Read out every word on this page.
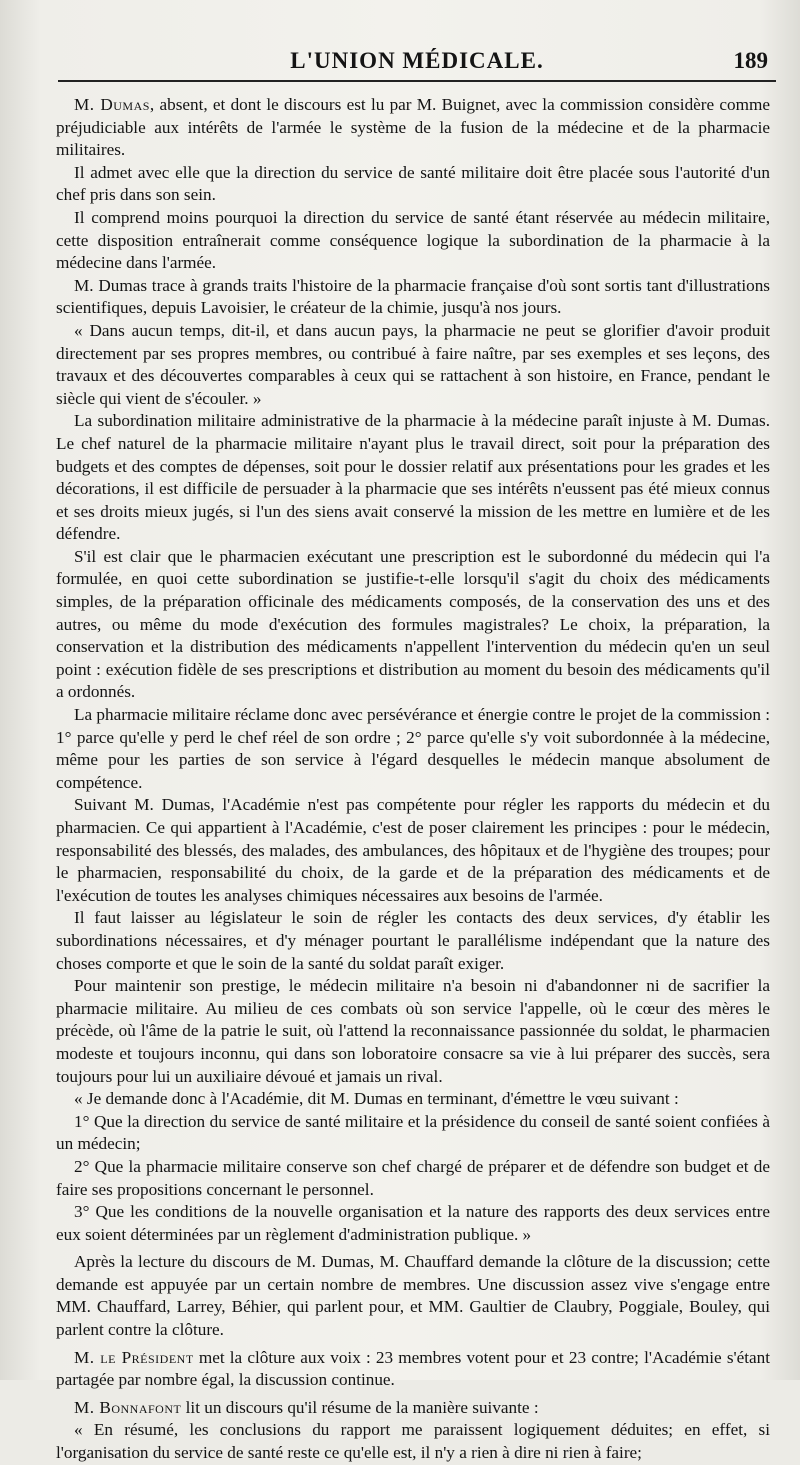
L'UNION MÉDICALE.	189

M. Dumas, absent, et dont le discours est lu par M. Buignet, avec la commission considère comme préjudiciable aux intérêts de l'armée le système de la fusion de la médecine et de la pharmacie militaires.

Il admet avec elle que la direction du service de santé militaire doit être placée sous l'autorité d'un chef pris dans son sein.

Il comprend moins pourquoi la direction du service de santé étant réservée au médecin militaire, cette disposition entraînerait comme conséquence logique la subordination de la pharmacie à la médecine dans l'armée.

M. Dumas trace à grands traits l'histoire de la pharmacie française d'où sont sortis tant d'illustrations scientifiques, depuis Lavoisier, le créateur de la chimie, jusqu'à nos jours.

« Dans aucun temps, dit-il, et dans aucun pays, la pharmacie ne peut se glorifier d'avoir produit directement par ses propres membres, ou contribué à faire naître, par ses exemples et ses leçons, des travaux et des découvertes comparables à ceux qui se rattachent à son histoire, en France, pendant le siècle qui vient de s'écouler. »

La subordination militaire administrative de la pharmacie à la médecine paraît injuste à M. Dumas. Le chef naturel de la pharmacie militaire n'ayant plus le travail direct, soit pour la préparation des budgets et des comptes de dépenses, soit pour le dossier relatif aux présentations pour les grades et les décorations, il est difficile de persuader à la pharmacie que ses intérêts n'eussent pas été mieux connus et ses droits mieux jugés, si l'un des siens avait conservé la mission de les mettre en lumière et de les défendre.

S'il est clair que le pharmacien exécutant une prescription est le subordonné du médecin qui l'a formulée, en quoi cette subordination se justifie-t-elle lorsqu'il s'agit du choix des médicaments simples, de la préparation officinale des médicaments composés, de la conservation des uns et des autres, ou même du mode d'exécution des formules magistrales? Le choix, la préparation, la conservation et la distribution des médicaments n'appellent l'intervention du médecin qu'en un seul point : exécution fidèle de ses prescriptions et distribution au moment du besoin des médicaments qu'il a ordonnés.

La pharmacie militaire réclame donc avec persévérance et énergie contre le projet de la commission : 1° parce qu'elle y perd le chef réel de son ordre ; 2° parce qu'elle s'y voit subordonnée à la médecine, même pour les parties de son service à l'égard desquelles le médecin manque absolument de compétence.

Suivant M. Dumas, l'Académie n'est pas compétente pour régler les rapports du médecin et du pharmacien. Ce qui appartient à l'Académie, c'est de poser clairement les principes : pour le médecin, responsabilité des blessés, des malades, des ambulances, des hôpitaux et de l'hygiène des troupes; pour le pharmacien, responsabilité du choix, de la garde et de la préparation des médicaments et de l'exécution de toutes les analyses chimiques nécessaires aux besoins de l'armée.

Il faut laisser au législateur le soin de régler les contacts des deux services, d'y établir les subordinations nécessaires, et d'y ménager pourtant le parallélisme indépendant que la nature des choses comporte et que le soin de la santé du soldat paraît exiger.

Pour maintenir son prestige, le médecin militaire n'a besoin ni d'abandonner ni de sacrifier la pharmacie militaire. Au milieu de ces combats où son service l'appelle, où le cœur des mères le précède, où l'âme de la patrie le suit, où l'attend la reconnaissance passionnée du soldat, le pharmacien modeste et toujours inconnu, qui dans son loboratoire consacre sa vie à lui préparer des succès, sera toujours pour lui un auxiliaire dévoué et jamais un rival.

« Je demande donc à l'Académie, dit M. Dumas en terminant, d'émettre le vœu suivant :

1° Que la direction du service de santé militaire et la présidence du conseil de santé soient confiées à un médecin;

2° Que la pharmacie militaire conserve son chef chargé de préparer et de défendre son budget et de faire ses propositions concernant le personnel.

3° Que les conditions de la nouvelle organisation et la nature des rapports des deux services entre eux soient déterminées par un règlement d'administration publique. »

Après la lecture du discours de M. Dumas, M. Chauffard demande la clôture de la discussion; cette demande est appuyée par un certain nombre de membres. Une discussion assez vive s'engage entre MM. Chauffard, Larrey, Béhier, qui parlent pour, et MM. Gaultier de Claubry, Poggiale, Bouley, qui parlent contre la clôture.

M. le Président met la clôture aux voix : 23 membres votent pour et 23 contre; l'Académie s'étant partagée par nombre égal, la discussion continue.

M. Bonnafont lit un discours qu'il résume de la manière suivante :

« En résumé, les conclusions du rapport me paraissent logiquement déduites; en effet, si l'organisation du service de santé reste ce qu'elle est, il n'y a rien à dire ni rien à faire;
